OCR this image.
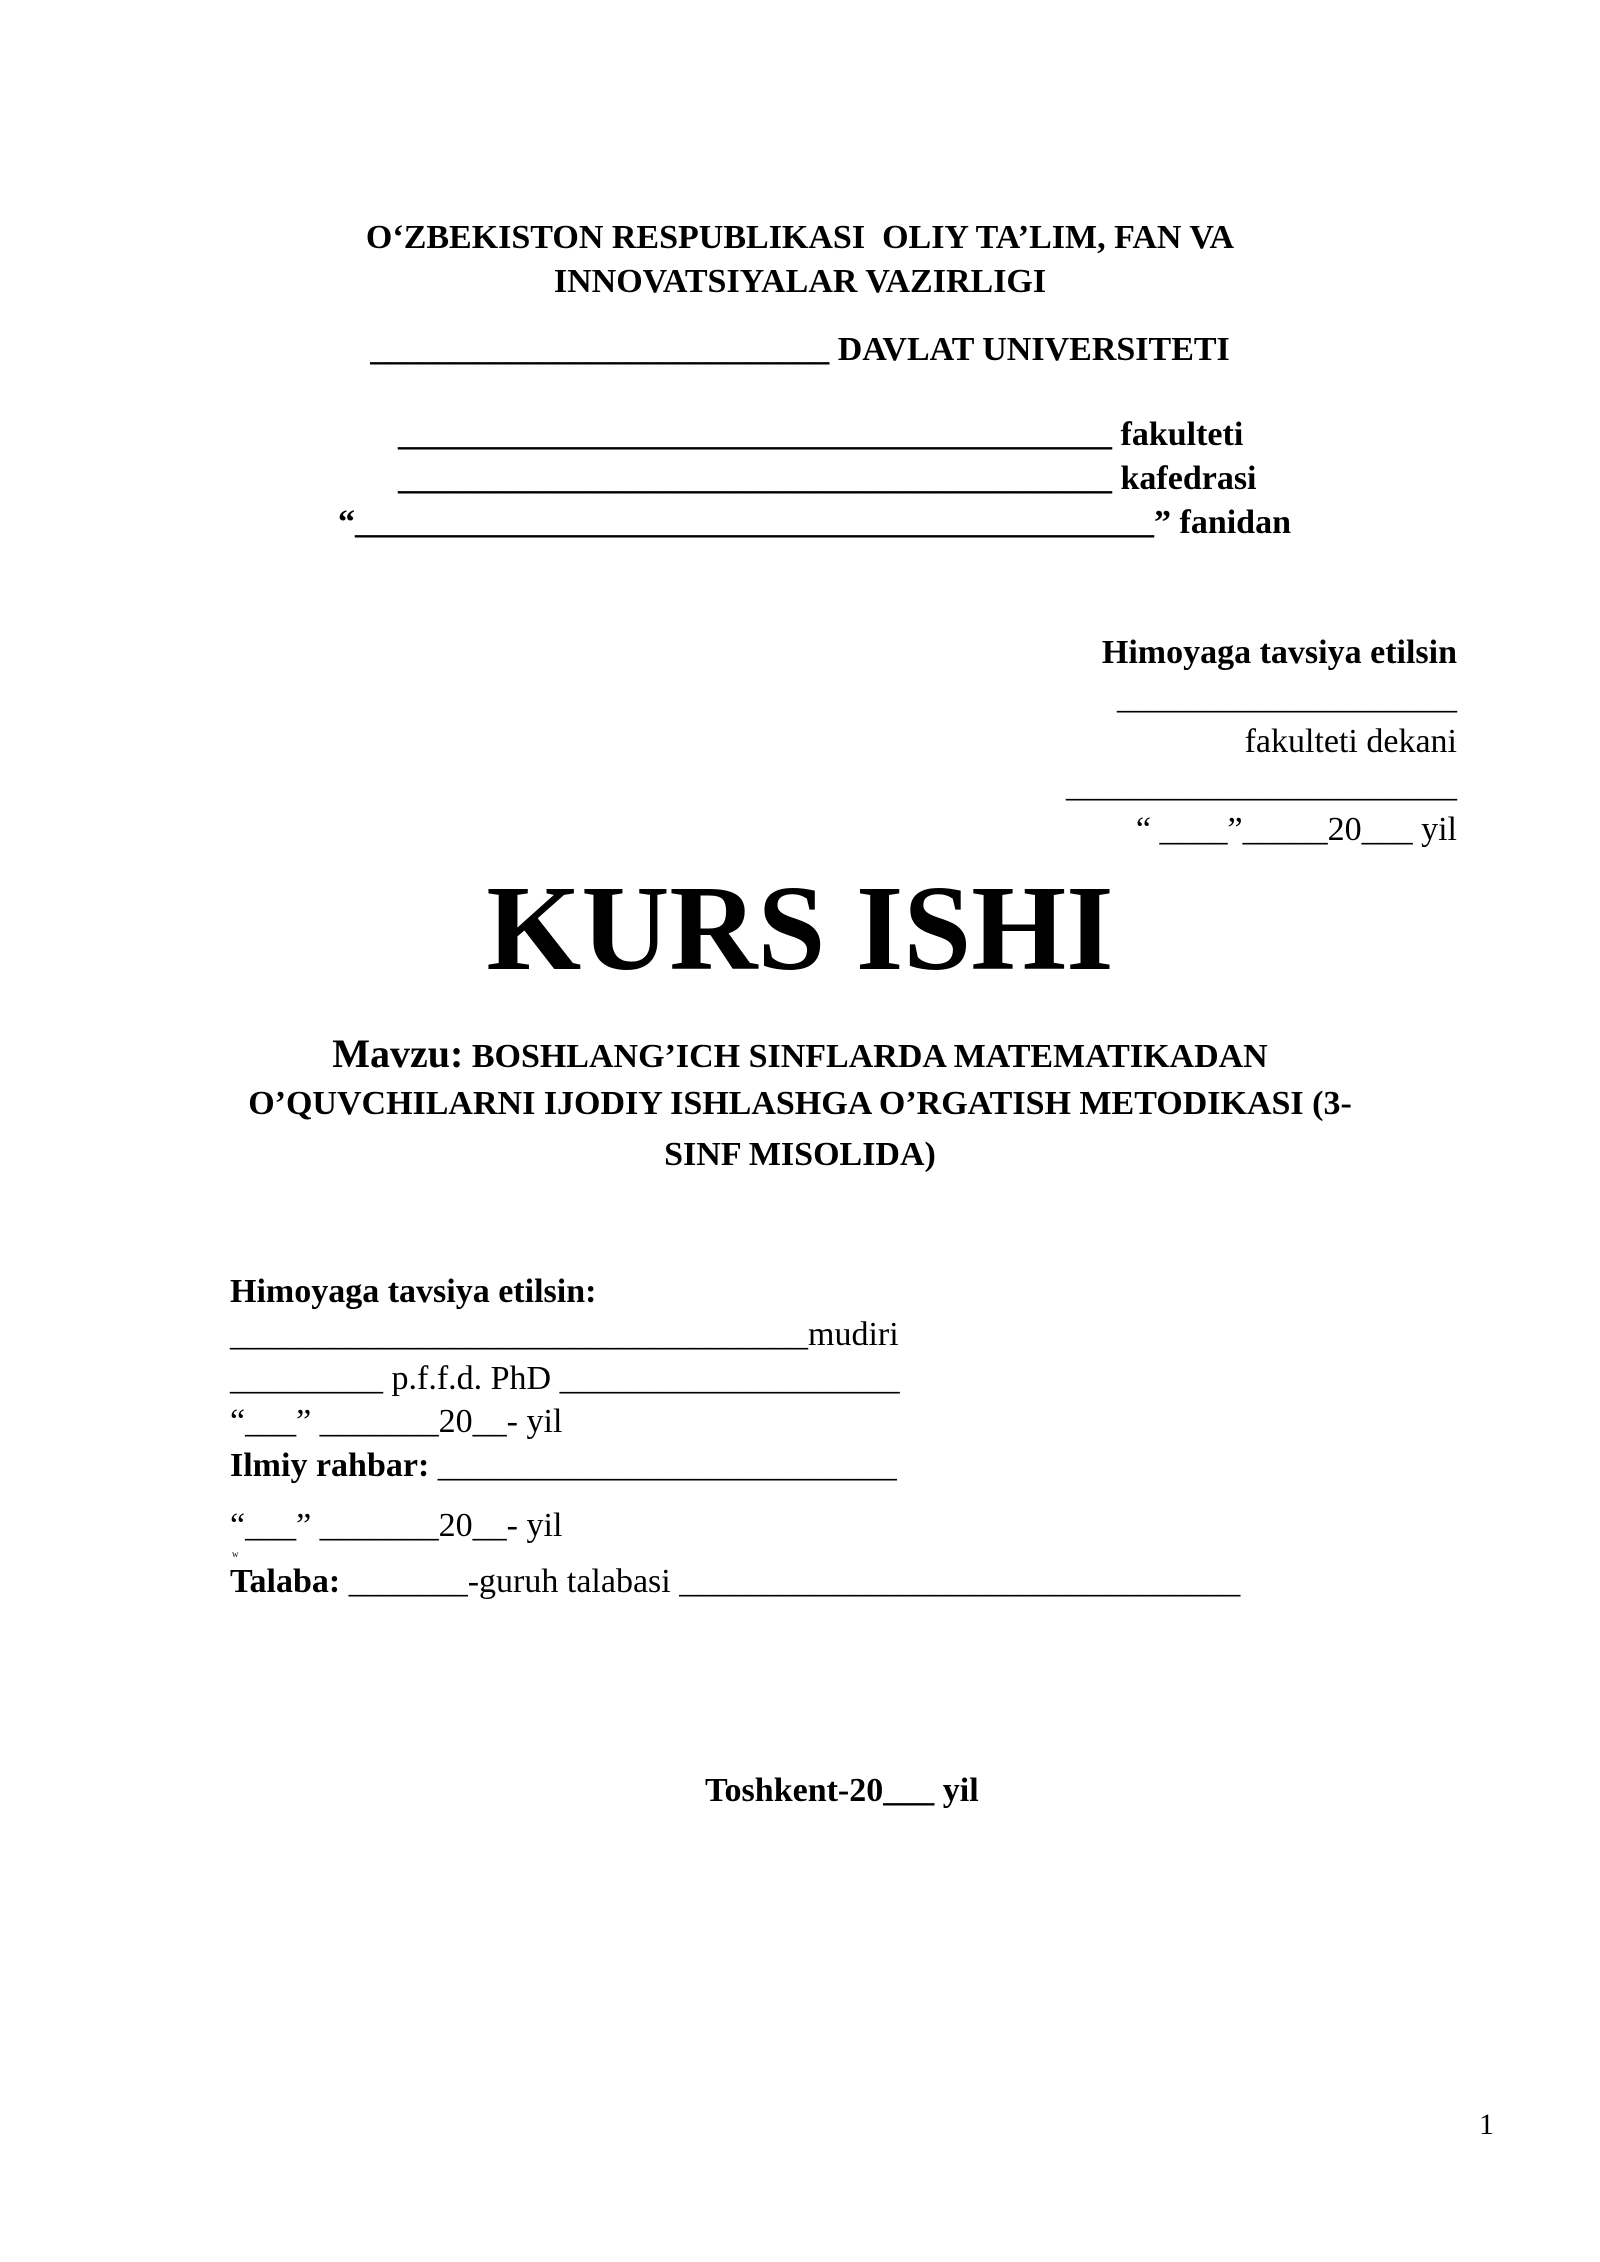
O‘ZBEKISTON RESPUBLIKASI  OLIY TA’LIM, FAN VA
INNOVATSIYALAR VAZIRLIGI
___________________________ DAVLAT UNIVERSITETI
__________________________________________ fakulteti
__________________________________________ kafedrasi
“_______________________________________________” fanidan
Himoyaga tavsiya etilsin
____________________
fakulteti dekani
_______________________
“ ____”_____20___ yil
KURS ISHI
Mavzu: BOSHLANG’ICH SINFLARDA MATEMATIKADAN
O’QUVCHILARNI IJODIY ISHLASHGA O’RGATISH METODIKASI (3-
SINF MISOLIDA)
Himoyaga tavsiya etilsin:
__________________________________mudiri
_________ p.f.f.d. PhD ____________________
“___” _______20__- yil
Ilmiy rahbar: ___________________________
“___” _______20__- yil
w
Talaba: _______-guruh talabasi _________________________________
Toshkent-20___ yil
1
